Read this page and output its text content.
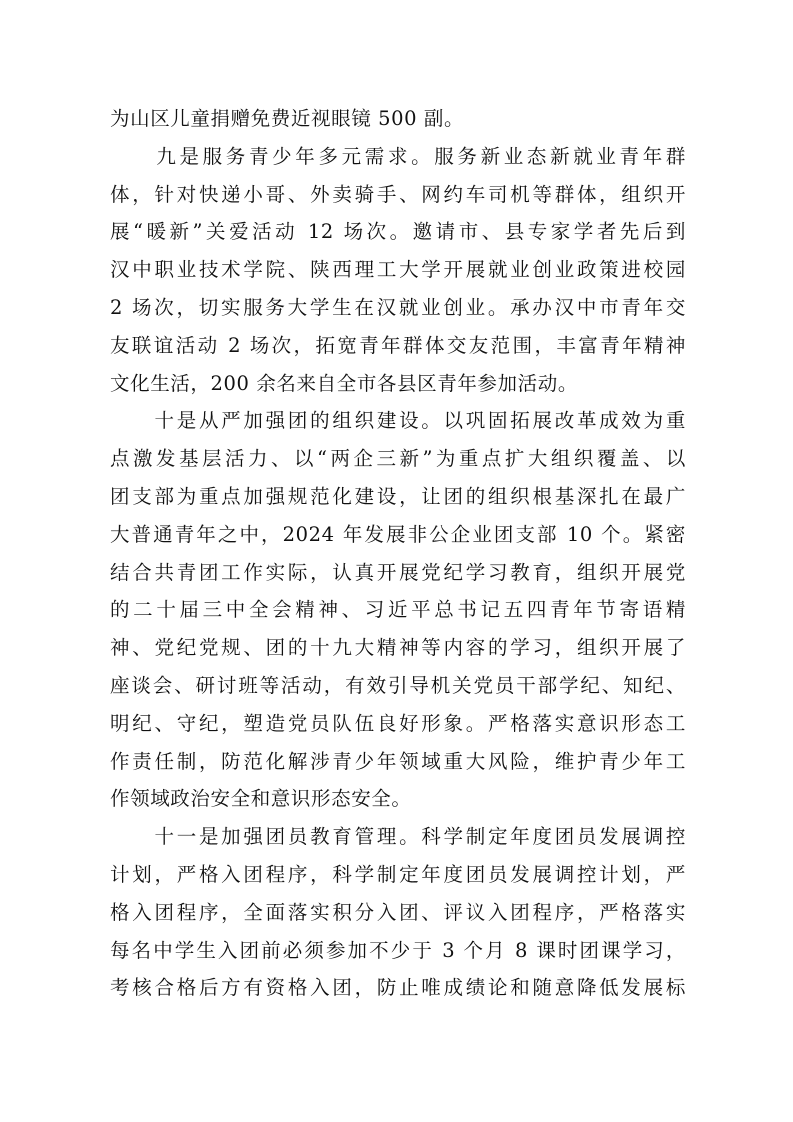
为山区儿童捐赠免费近视眼镜 500 副。
　　九是服务青少年多元需求。服务新业态新就业青年群
体，针对快递小哥、外卖骑手、网约车司机等群体，组织开
展“暖新”关爱活动 12 场次。邀请市、县专家学者先后到
汉中职业技术学院、陕西理工大学开展就业创业政策进校园
2 场次，切实服务大学生在汉就业创业。承办汉中市青年交
友联谊活动 2 场次，拓宽青年群体交友范围，丰富青年精神
文化生活，200 余名来自全市各县区青年参加活动。
　　十是从严加强团的组织建设。以巩固拓展改革成效为重
点激发基层活力、以“两企三新”为重点扩大组织覆盖、以
团支部为重点加强规范化建设，让团的组织根基深扎在最广
大普通青年之中，2024 年发展非公企业团支部 10 个。紧密
结合共青团工作实际，认真开展党纪学习教育，组织开展党
的二十届三中全会精神、习近平总书记五四青年节寄语精
神、党纪党规、团的十九大精神等内容的学习，组织开展了
座谈会、研讨班等活动，有效引导机关党员干部学纪、知纪、
明纪、守纪，塑造党员队伍良好形象。严格落实意识形态工
作责任制，防范化解涉青少年领域重大风险，维护青少年工
作领域政治安全和意识形态安全。
　　十一是加强团员教育管理。科学制定年度团员发展调控
计划，严格入团程序，科学制定年度团员发展调控计划，严
格入团程序，全面落实积分入团、评议入团程序，严格落实
每名中学生入团前必须参加不少于 3 个月 8 课时团课学习，
考核合格后方有资格入团，防止唯成绩论和随意降低发展标
